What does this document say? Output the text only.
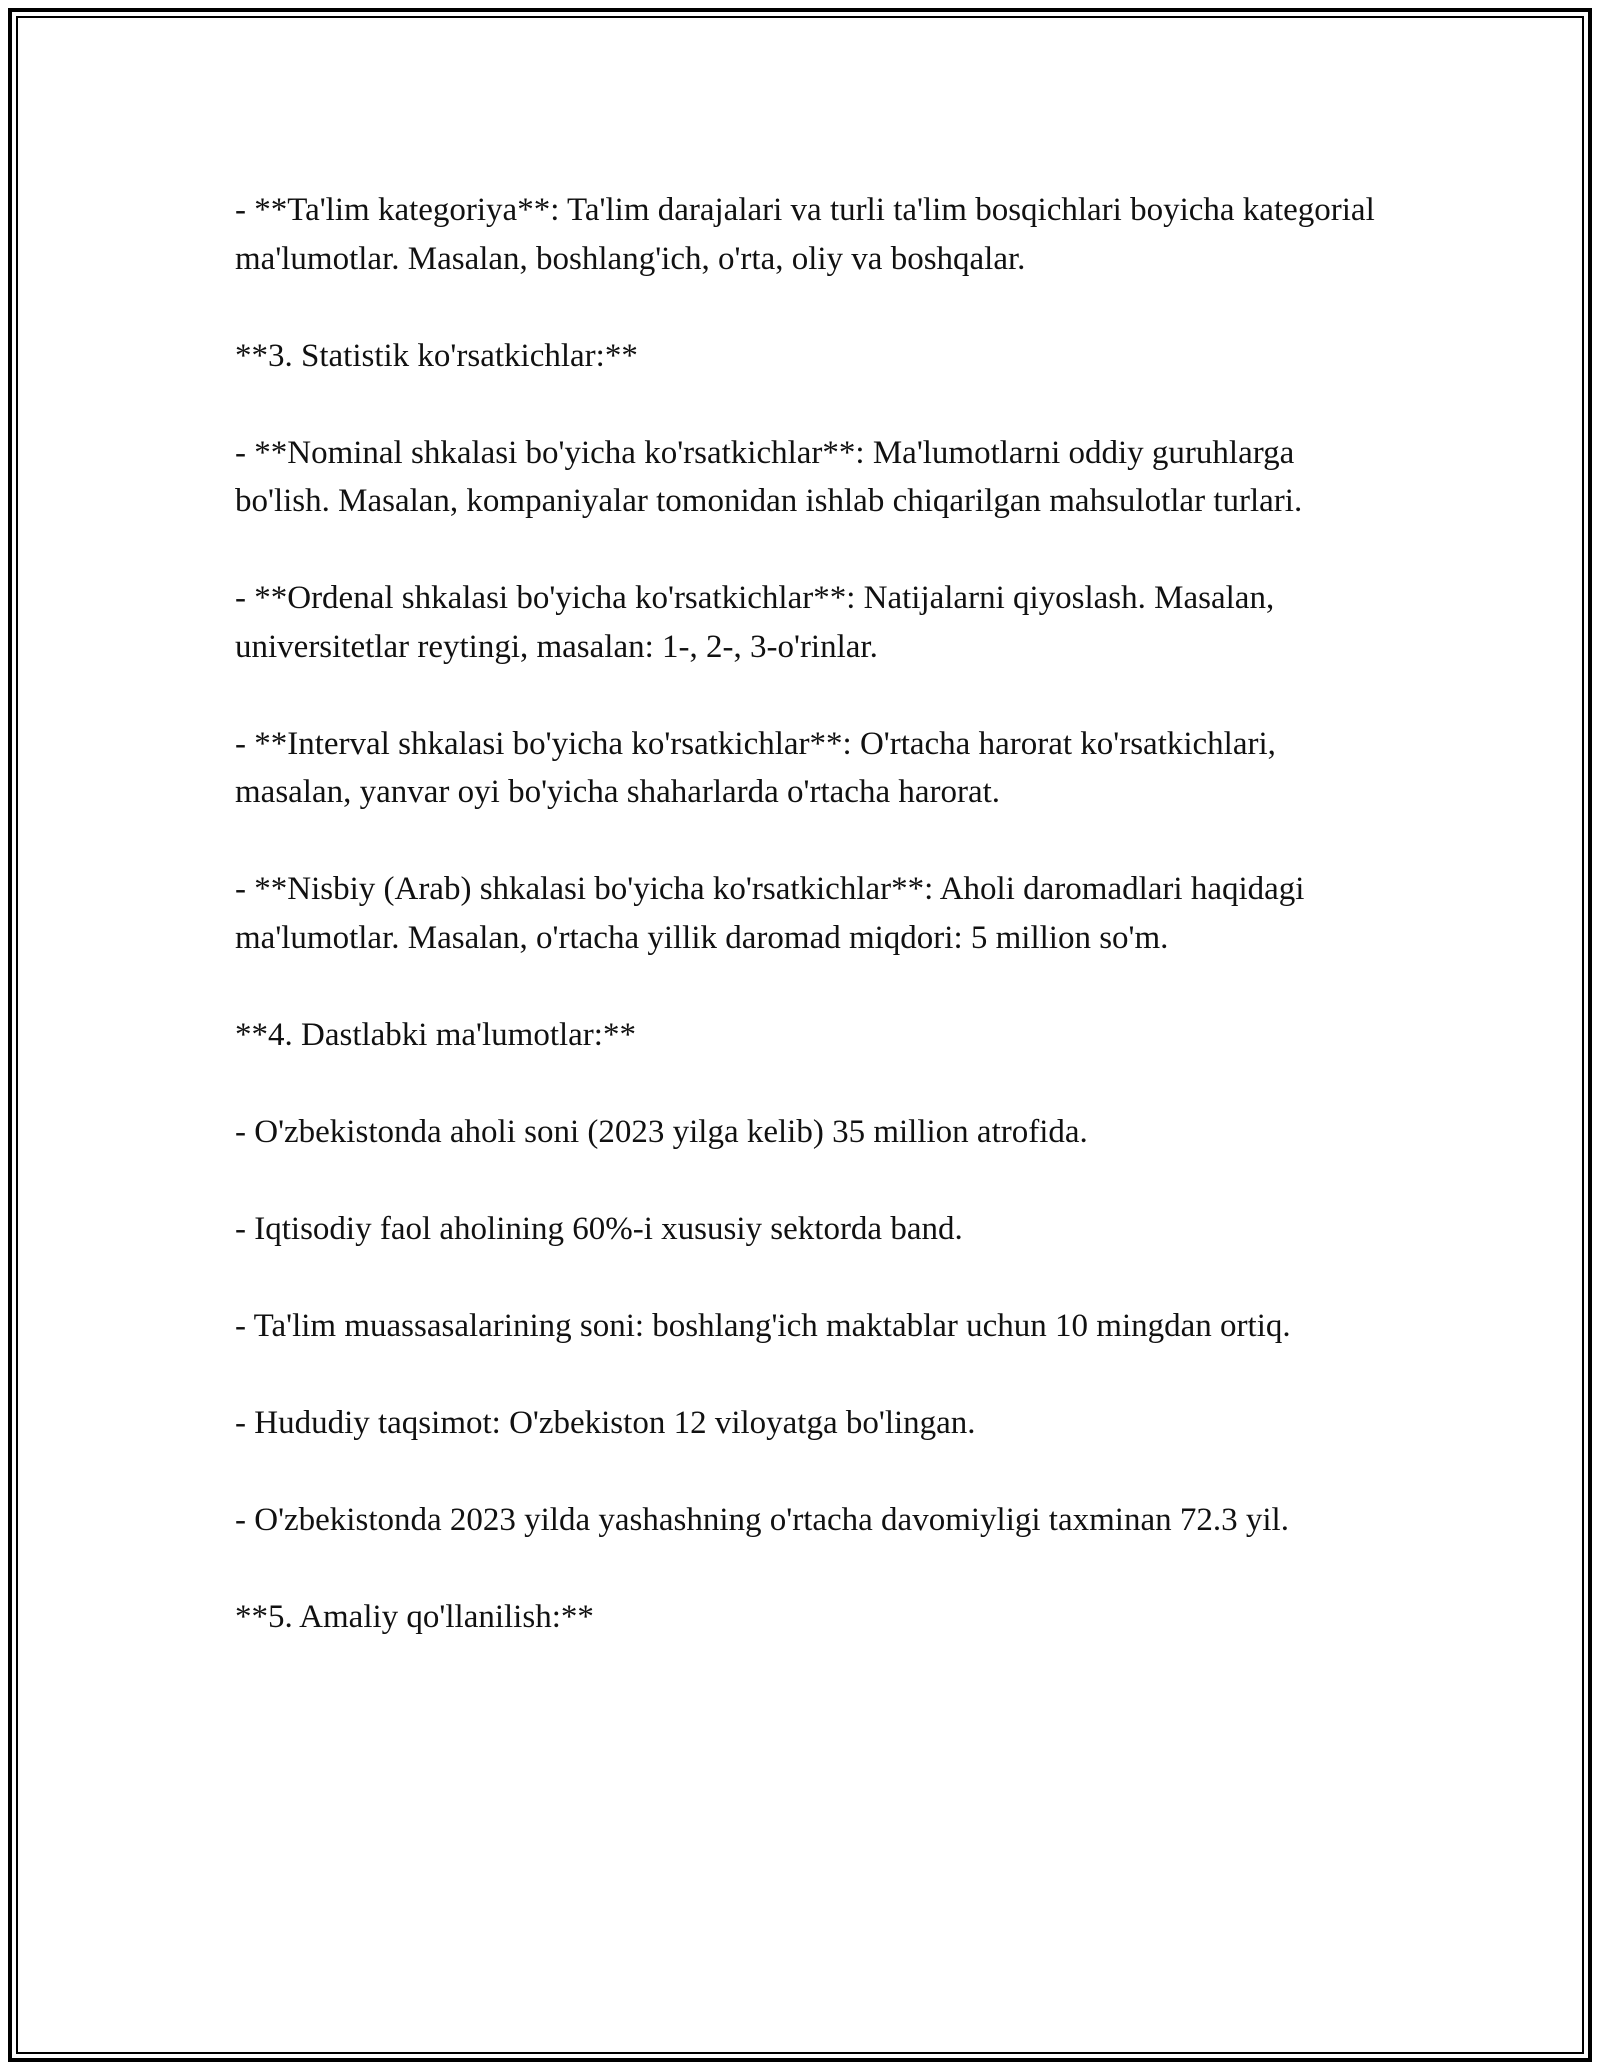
- **Ta'lim kategoriya**: Ta'lim darajalari va turli ta'lim bosqichlari boyicha kategorial ma'lumotlar. Masalan, boshlang'ich, o'rta, oliy va boshqalar.

**3. Statistik ko'rsatkichlar:**

- **Nominal shkalasi bo'yicha ko'rsatkichlar**: Ma'lumotlarni oddiy guruhlarga bo'lish. Masalan, kompaniyalar tomonidan ishlab chiqarilgan mahsulotlar turlari.

- **Ordenal shkalasi bo'yicha ko'rsatkichlar**: Natijalarni qiyoslash. Masalan, universitetlar reytingi, masalan: 1-, 2-, 3-o'rinlar.

- **Interval shkalasi bo'yicha ko'rsatkichlar**: O'rtacha harorat ko'rsatkichlari, masalan, yanvar oyi bo'yicha shaharlarda o'rtacha harorat.

- **Nisbiy (Arab) shkalasi bo'yicha ko'rsatkichlar**: Aholi daromadlari haqidagi ma'lumotlar. Masalan, o'rtacha yillik daromad miqdori: 5 million so'm.

**4. Dastlabki ma'lumotlar:**

- O'zbekistonda aholi soni (2023 yilga kelib) 35 million atrofida.

- Iqtisodiy faol aholining 60%-i xususiy sektorda band.

- Ta'lim muassasalarining soni: boshlang'ich maktablar uchun 10 mingdan ortiq.

- Hududiy taqsimot: O'zbekiston 12 viloyatga bo'lingan.

- O'zbekistonda 2023 yilda yashashning o'rtacha davomiyligi taxminan 72.3 yil.

**5. Amaliy qo'llanilish:**
